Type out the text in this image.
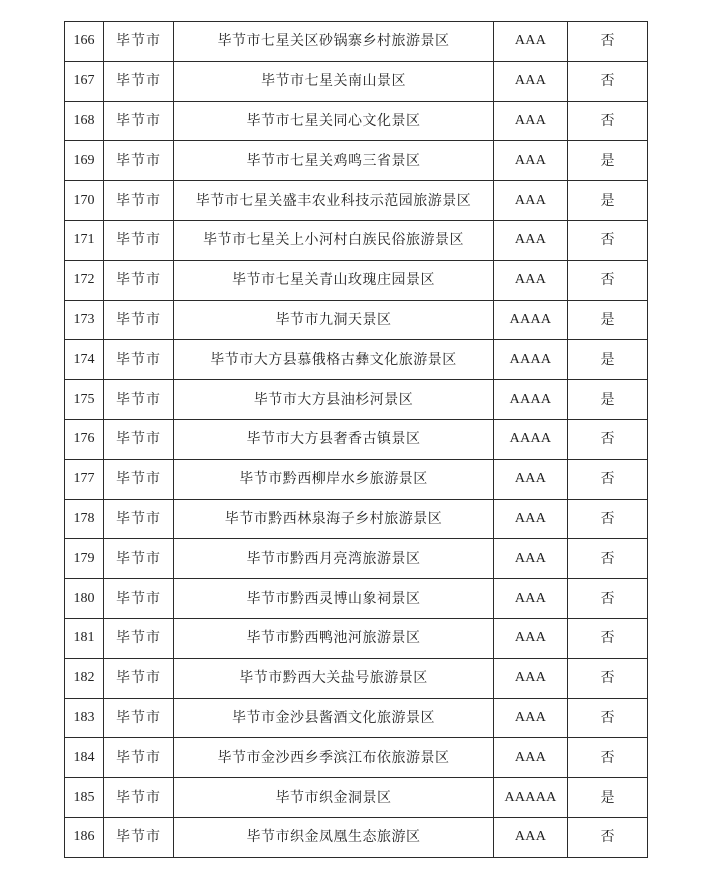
166	毕节市	毕节市七星关区砂锅寨乡村旅游景区	AAA	否
167	毕节市	毕节市七星关南山景区	AAA	否
168	毕节市	毕节市七星关同心文化景区	AAA	否
169	毕节市	毕节市七星关鸡鸣三省景区	AAA	是
170	毕节市	毕节市七星关盛丰农业科技示范园旅游景区	AAA	是
171	毕节市	毕节市七星关上小河村白族民俗旅游景区	AAA	否
172	毕节市	毕节市七星关青山玫瑰庄园景区	AAA	否
173	毕节市	毕节市九洞天景区	AAAA	是
174	毕节市	毕节市大方县慕俄格古彝文化旅游景区	AAAA	是
175	毕节市	毕节市大方县油杉河景区	AAAA	是
176	毕节市	毕节市大方县奢香古镇景区	AAAA	否
177	毕节市	毕节市黔西柳岸水乡旅游景区	AAA	否
178	毕节市	毕节市黔西林泉海子乡村旅游景区	AAA	否
179	毕节市	毕节市黔西月亮湾旅游景区	AAA	否
180	毕节市	毕节市黔西灵博山象祠景区	AAA	否
181	毕节市	毕节市黔西鸭池河旅游景区	AAA	否
182	毕节市	毕节市黔西大关盐号旅游景区	AAA	否
183	毕节市	毕节市金沙县酱酒文化旅游景区	AAA	否
184	毕节市	毕节市金沙西乡季滨江布依旅游景区	AAA	否
185	毕节市	毕节市织金洞景区	AAAAA	是
186	毕节市	毕节市织金凤凰生态旅游区	AAA	否
